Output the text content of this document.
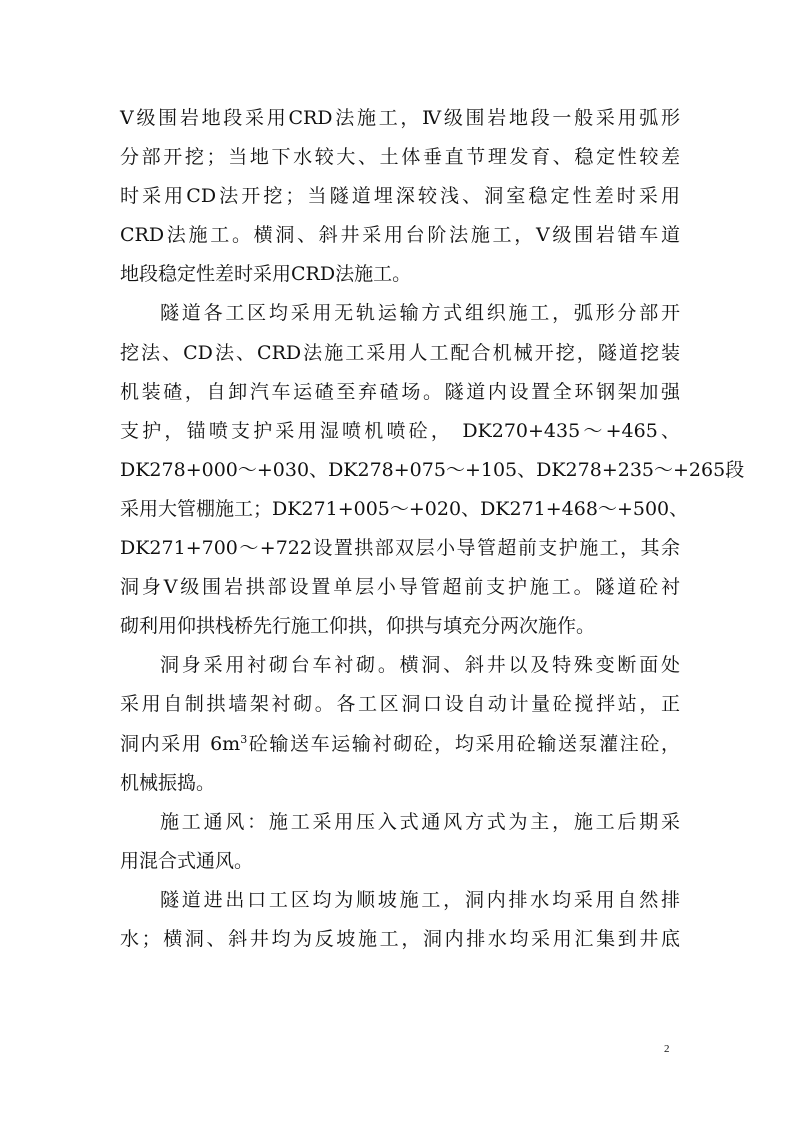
Ⅴ级围岩地段采用CRD法施工，Ⅳ级围岩地段一般采用弧形
分部开挖；当地下水较大、土体垂直节理发育、稳定性较差
时采用CD法开挖；当隧道埋深较浅、洞室稳定性差时采用
CRD法施工。横洞、斜井采用台阶法施工，Ⅴ级围岩错车道
地段稳定性差时采用CRD法施工。
隧道各工区均采用无轨运输方式组织施工，弧形分部开
挖法、CD法、CRD法施工采用人工配合机械开挖，隧道挖装
机装碴，自卸汽车运碴至弃碴场。隧道内设置全环钢架加强
支护，锚喷支护采用湿喷机喷砼， DK270+435～+465、
DK278+000～+030、DK278+075～+105、DK278+235～+265段
采用大管棚施工；DK271+005～+020、DK271+468～+500、
DK271+700～+722设置拱部双层小导管超前支护施工，其余
洞身Ⅴ级围岩拱部设置单层小导管超前支护施工。隧道砼衬
砌利用仰拱栈桥先行施工仰拱，仰拱与填充分两次施作。
洞身采用衬砌台车衬砌。横洞、斜井以及特殊变断面处
采用自制拱墙架衬砌。各工区洞口设自动计量砼搅拌站，正
洞内采用 $6m^3$砼输送车运输衬砌砼，均采用砼输送泵灌注砼，
机械振捣。
施工通风：施工采用压入式通风方式为主，施工后期采
用混合式通风。
隧道进出口工区均为顺坡施工，洞内排水均采用自然排
水；横洞、斜井均为反坡施工，洞内排水均采用汇集到井底
2
